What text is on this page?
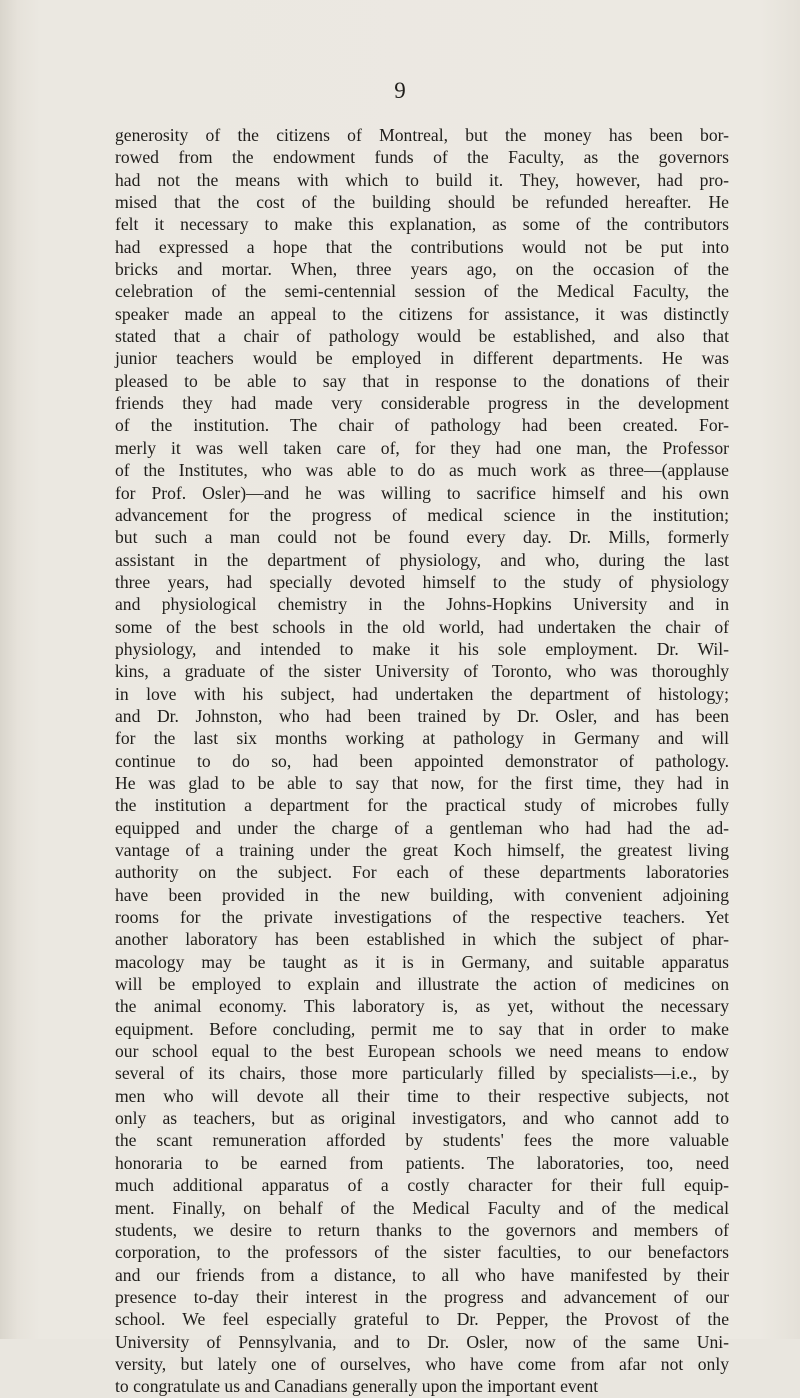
9
generosity of the citizens of Montreal, but the money has been bor-
rowed from the endowment funds of the Faculty, as the governors
had not the means with which to build it. They, however, had pro-
mised that the cost of the building should be refunded hereafter. He
felt it necessary to make this explanation, as some of the contributors
had expressed a hope that the contributions would not be put into
bricks and mortar. When, three years ago, on the occasion of the
celebration of the semi-centennial session of the Medical Faculty, the
speaker made an appeal to the citizens for assistance, it was distinctly
stated that a chair of pathology would be established, and also that
junior teachers would be employed in different departments. He was
pleased to be able to say that in response to the donations of their
friends they had made very considerable progress in the development
of the institution. The chair of pathology had been created. For-
merly it was well taken care of, for they had one man, the Professor
of the Institutes, who was able to do as much work as three—(applause
for Prof. Osler)—and he was willing to sacrifice himself and his own
advancement for the progress of medical science in the institution;
but such a man could not be found every day. Dr. Mills, formerly
assistant in the department of physiology, and who, during the last
three years, had specially devoted himself to the study of physiology
and physiological chemistry in the Johns-Hopkins University and in
some of the best schools in the old world, had undertaken the chair of
physiology, and intended to make it his sole employment. Dr. Wil-
kins, a graduate of the sister University of Toronto, who was thoroughly
in love with his subject, had undertaken the department of histology;
and Dr. Johnston, who had been trained by Dr. Osler, and has been
for the last six months working at pathology in Germany and will
continue to do so, had been appointed demonstrator of pathology.
He was glad to be able to say that now, for the first time, they had in
the institution a department for the practical study of microbes fully
equipped and under the charge of a gentleman who had had the ad-
vantage of a training under the great Koch himself, the greatest living
authority on the subject. For each of these departments laboratories
have been provided in the new building, with convenient adjoining
rooms for the private investigations of the respective teachers. Yet
another laboratory has been established in which the subject of phar-
macology may be taught as it is in Germany, and suitable apparatus
will be employed to explain and illustrate the action of medicines on
the animal economy. This laboratory is, as yet, without the necessary
equipment. Before concluding, permit me to say that in order to make
our school equal to the best European schools we need means to endow
several of its chairs, those more particularly filled by specialists—i.e., by
men who will devote all their time to their respective subjects, not
only as teachers, but as original investigators, and who cannot add to
the scant remuneration afforded by students' fees the more valuable
honoraria to be earned from patients. The laboratories, too, need
much additional apparatus of a costly character for their full equip-
ment. Finally, on behalf of the Medical Faculty and of the medical
students, we desire to return thanks to the governors and members of
corporation, to the professors of the sister faculties, to our benefactors
and our friends from a distance, to all who have manifested by their
presence to-day their interest in the progress and advancement of our
school. We feel especially grateful to Dr. Pepper, the Provost of the
University of Pennsylvania, and to Dr. Osler, now of the same Uni-
versity, but lately one of ourselves, who have come from afar not only
to congratulate us and Canadians generally upon the important event
